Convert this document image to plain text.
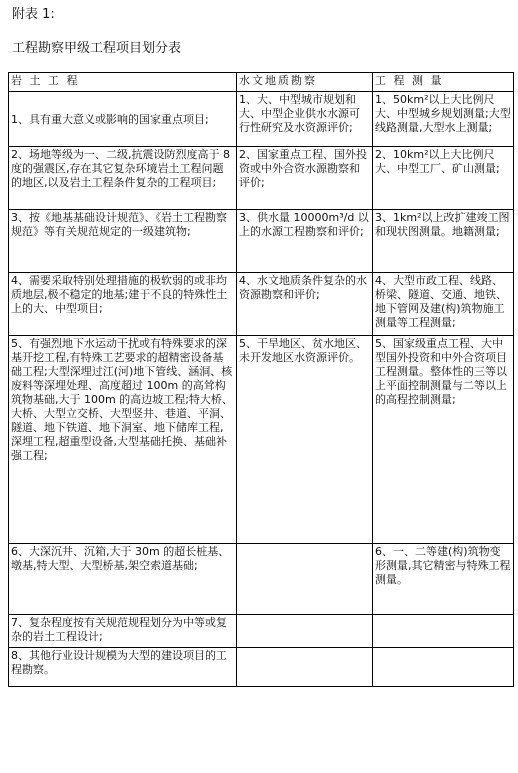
附表 1:
工程勘察甲级工程项目划分表
岩 土 工 程	水文地质勘察	工 程 测 量
1、具有重大意义或影响的国家重点项目;	1、大、中型城市规划和大、中型企业供水水源可行性研究及水资源评价;	1、50km²以上大比例尺大、中型城乡规划测量;大型线路测量,大型水上测量;
2、场地等级为一、二级,抗震设防烈度高于 8 度的强震区,存在其它复杂环境岩土工程问题的地区,以及岩土工程条件复杂的工程项目;	2、国家重点工程、国外投资或中外合资水源勘察和评价;	2、10km²以上大比例尺大、中型工厂、矿山测量;
3、按《地基基础设计规范》、《岩土工程勘察规范》等有关规范规定的一级建筑物;	3、供水量 10000m³/d 以上的水源工程勘察和评价;	3、1km²以上改扩建竣工图和现状图测量。地籍测量;
4、需要采取特别处理措施的极软弱的或非均质地层,极不稳定的地基;建于不良的特殊性土上的大、中型项目;	4、水文地质条件复杂的水资源勘察和评价;	4、大型市政工程、线路、桥梁、隧道、交通、地铁、地下管网及建(构)筑物施工测量等工程测量;
5、有强烈地下水运动干扰或有特殊要求的深基开挖工程,有特殊工艺要求的超精密设备基础工程;大型深埋过江(河)地下管线、涵洞、核废料等深埋处理、高度超过 100m 的高耸构筑物基础,大于 100m 的高边坡工程;特大桥、大桥、大型立交桥、大型竖井、巷道、平洞、隧道、地下铁道、地下洞室、地下储库工程,深埋工程,超重型设备,大型基础托换、基础补强工程;	5、干旱地区、贫水地区、未开发地区水资源评价。	5、国家级重点工程、大中型国外投资和中外合资项目工程测量。整体性的三等以上平面控制测量与二等以上的高程控制测量;
6、大深沉井、沉箱,大于 30m 的超长桩基、墩基,特大型、大型桥基,架空索道基础;		6、一、二等建(构)筑物变形测量,其它精密与特殊工程测量。
7、复杂程度按有关规范规程划分为中等或复杂的岩土工程设计;		
8、其他行业设计规模为大型的建设项目的工程勘察。		
